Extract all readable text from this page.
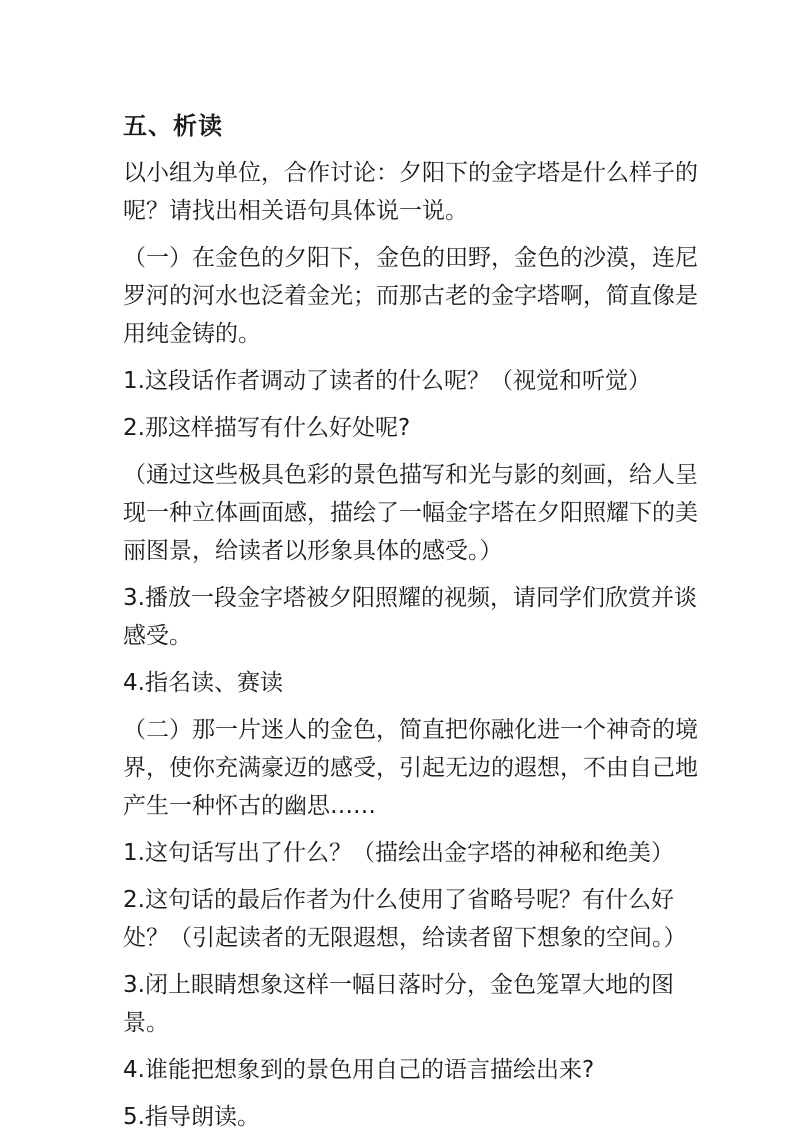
五、析读
以小组为单位，合作讨论：夕阳下的金字塔是什么样子的呢？请找出相关语句具体说一说。
（一）在金色的夕阳下，金色的田野，金色的沙漠，连尼罗河的河水也泛着金光；而那古老的金字塔啊，简直像是用纯金铸的。
1.这段话作者调动了读者的什么呢？（视觉和听觉）
2.那这样描写有什么好处呢?
（通过这些极具色彩的景色描写和光与影的刻画，给人呈现一种立体画面感，描绘了一幅金字塔在夕阳照耀下的美丽图景，给读者以形象具体的感受。）
3.播放一段金字塔被夕阳照耀的视频，请同学们欣赏并谈感受。
4.指名读、赛读
（二）那一片迷人的金色，简直把你融化进一个神奇的境界，使你充满豪迈的感受，引起无边的遐想，不由自己地产生一种怀古的幽思……
1.这句话写出了什么？（描绘出金字塔的神秘和绝美）
2.这句话的最后作者为什么使用了省略号呢？有什么好处？（引起读者的无限遐想，给读者留下想象的空间。）
3.闭上眼睛想象这样一幅日落时分，金色笼罩大地的图景。
4.谁能把想象到的景色用自己的语言描绘出来?
5.指导朗读。
